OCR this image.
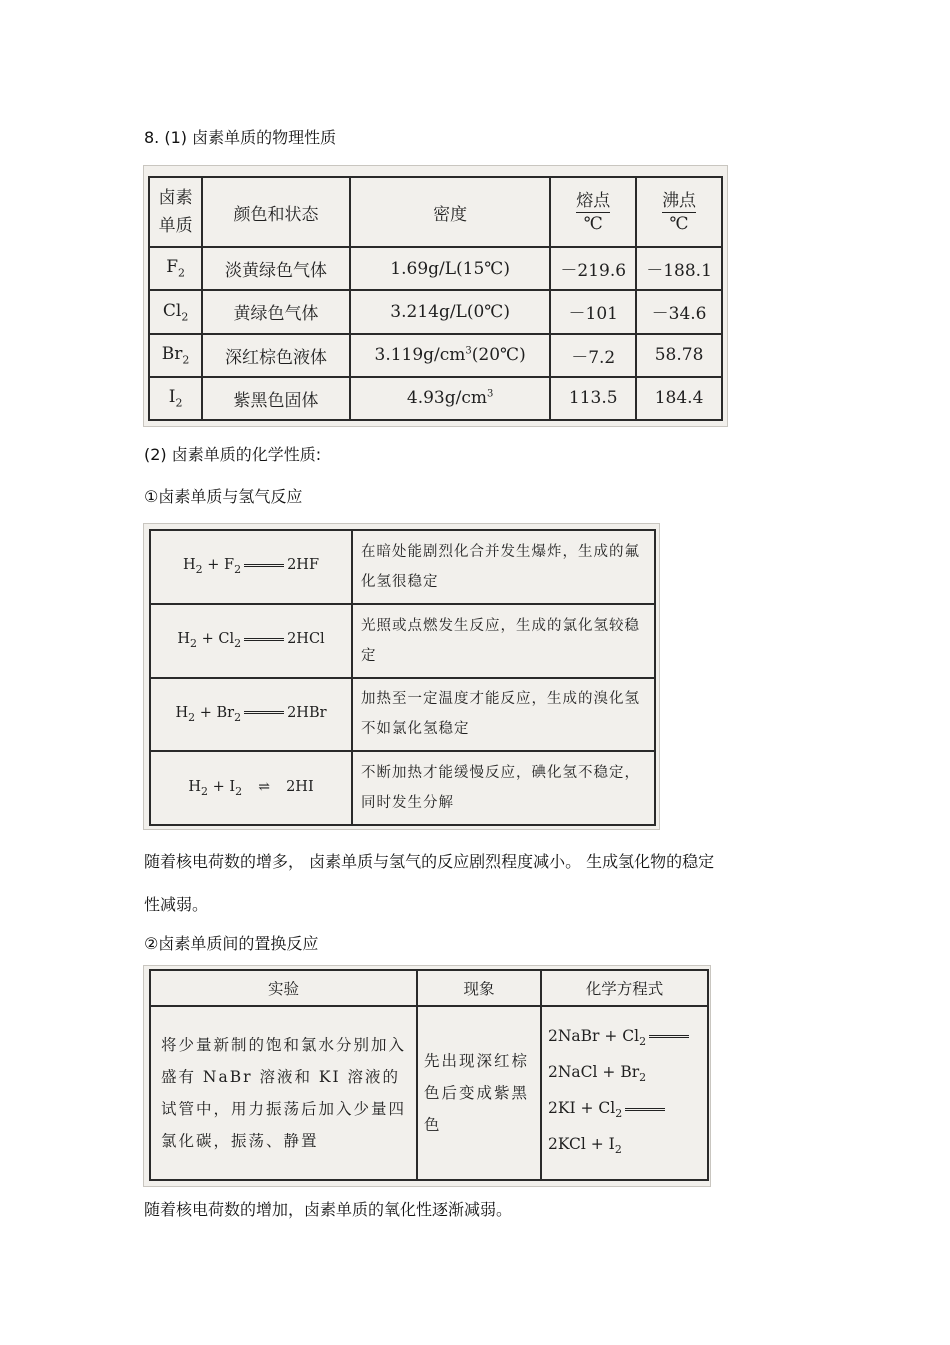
8. (1) 卤素单质的物理性质
卤素
单质	颜色和状态	密度	$\frac{\text{熔点}}{℃}$	$\frac{\text{沸点}}{℃}$
$F_2$	淡黄绿色气体	1.69g/L(15℃)	－219.6	－188.1
$Cl_2$	黄绿色气体	3.214g/L(0℃)	－101	－34.6
$Br_2$	深红棕色液体	$3.119g/cm^3(20℃)$	－7.2	58.78
$I_2$	紫黑色固体	$4.93g/cm^3$	113.5	184.4
(2) 卤素单质的化学性质:
①卤素单质与氢气反应
$H_2 + F_2$ 2HF	在暗处能剧烈化合并发生爆炸，生成的氟化氢很稳定
$H_2 + Cl_2$ 2HCl	光照或点燃发生反应，生成的氯化氢较稳定
$H_2 + Br_2$ 2HBr	加热至一定温度才能反应，生成的溴化氢不如氯化氢稳定
$H_2 + I_2$ ⇌ 2HI	不断加热才能缓慢反应，碘化氢不稳定，同时发生分解
随着核电荷数的增多， 卤素单质与氢气的反应剧烈程度减小。 生成氢化物的稳定
性减弱。
②卤素单质间的置换反应
实验	现象	化学方程式
将少量新制的饱和氯水分别加入盛有 NaBr 溶液和 KI 溶液的试管中，用力振荡后加入少量四氯化碳，振荡、静置	先出现深红棕色后变成紫黑色	2NaBr + $Cl_2$
2NaCl + $Br_2$
$2KI + Cl_2$
$2KCl + I_2$
随着核电荷数的增加，卤素单质的氧化性逐渐减弱。
